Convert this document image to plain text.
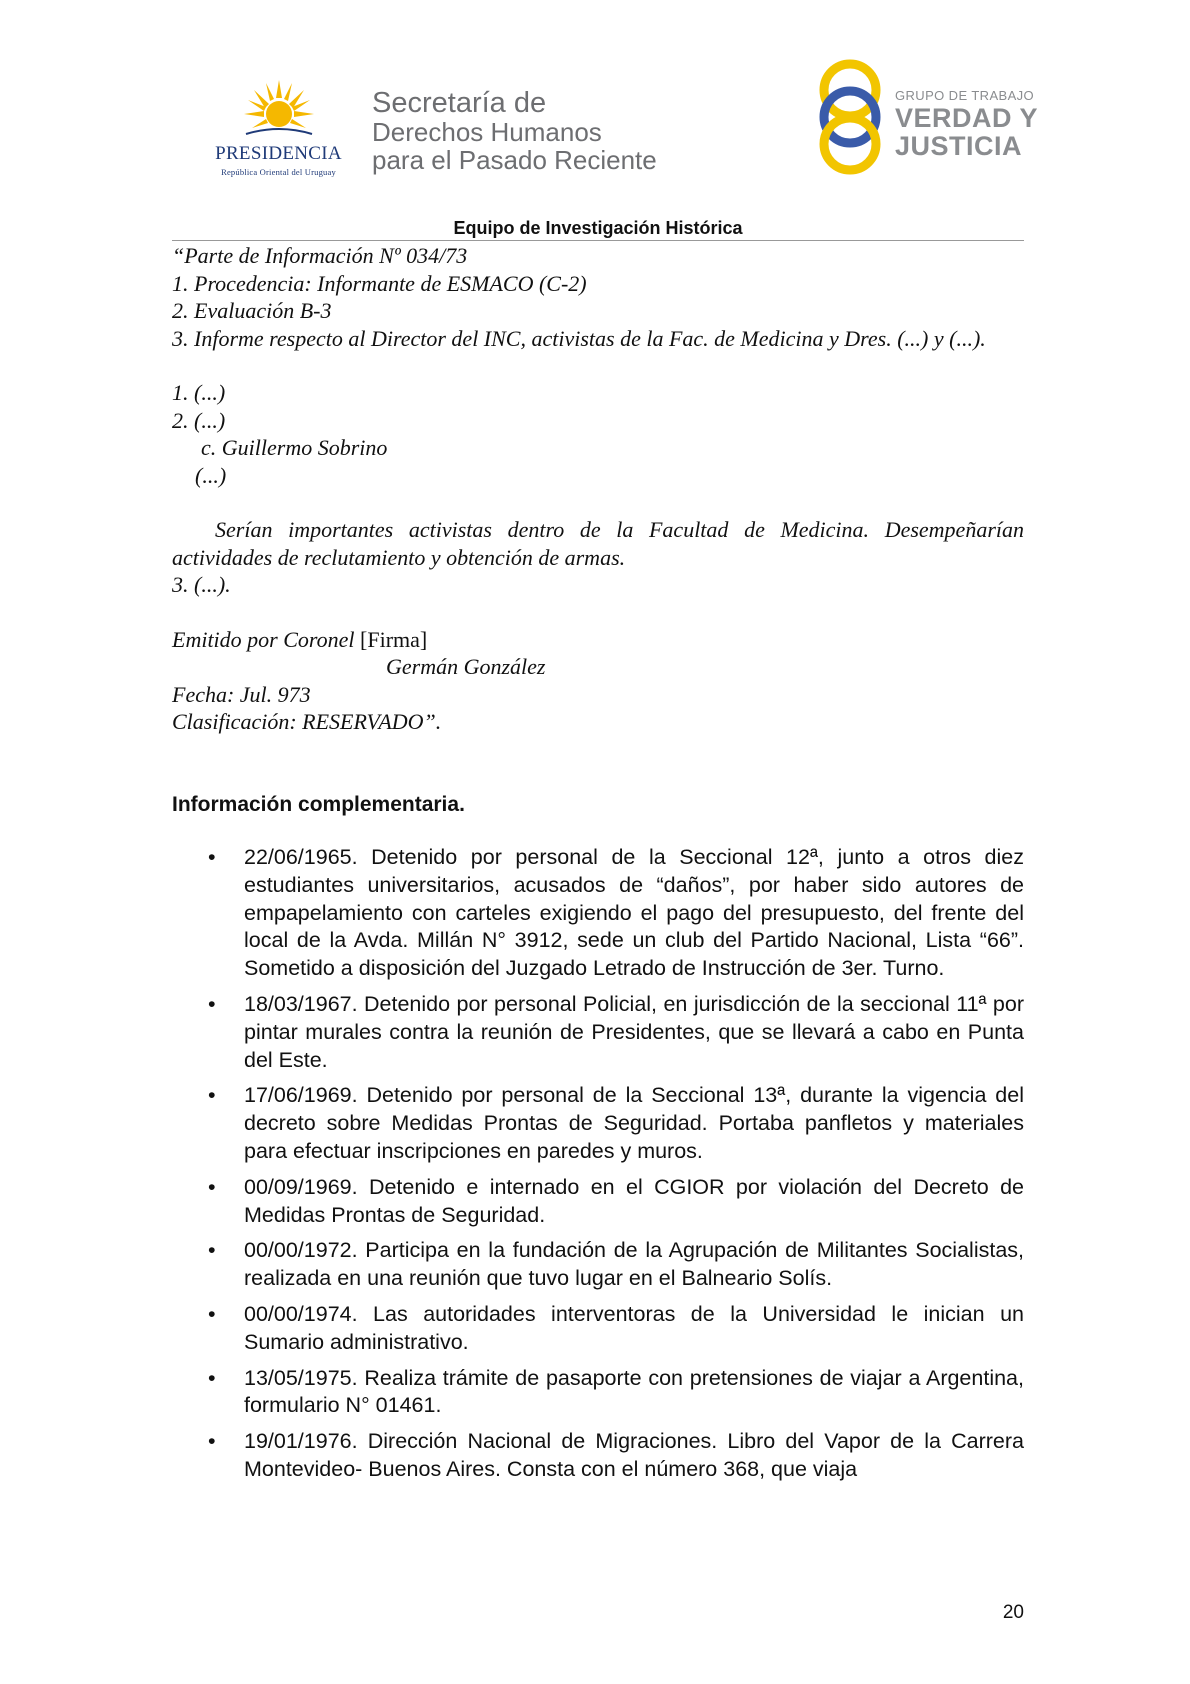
PRESIDENCIA
República Oriental del Uruguay
Secretaría de
Derechos Humanos
para el Pasado Reciente
GRUPO DE TRABAJO
VERDAD Y
JUSTICIA
Equipo de Investigación Histórica

“Parte de Información Nº 034/73

1. Procedencia: Informante de ESMACO (C-2)

2. Evaluación B-3

3. Informe respecto al Director del INC, activistas de la Fac. de Medicina y Dres. (...) y (...).

1. (...)

2. (...)

c. Guillermo Sobrino

(...)

Serían importantes activistas dentro de la Facultad de Medicina. Desempeñarían actividades de reclutamiento y obtención de armas.

3. (...).

Emitido por Coronel [Firma]

Germán González

Fecha: Jul. 973

Clasificación: RESERVADO”.

Información complementaria.
• 22/06/1965. Detenido por personal de la Seccional 12ª, junto a otros diez estudiantes universitarios, acusados de “daños”, por haber sido autores de empapelamiento con carteles exigiendo el pago del presupuesto, del frente del local de la Avda. Millán N° 3912, sede un club del Partido Nacional, Lista “66”. Sometido a disposición del Juzgado Letrado de Instrucción de 3er. Turno.
• 18/03/1967. Detenido por personal Policial, en jurisdicción de la seccional 11ª por pintar murales contra la reunión de Presidentes, que se llevará a cabo en Punta del Este.
• 17/06/1969. Detenido por personal de la Seccional 13ª, durante la vigencia del decreto sobre Medidas Prontas de Seguridad. Portaba panfletos y materiales para efectuar inscripciones en paredes y muros.
• 00/09/1969. Detenido e internado en el CGIOR por violación del Decreto de Medidas Prontas de Seguridad.
• 00/00/1972. Participa en la fundación de la Agrupación de Militantes Socialistas, realizada en una reunión que tuvo lugar en el Balneario Solís.
• 00/00/1974. Las autoridades interventoras de la Universidad le inician un Sumario administrativo.
• 13/05/1975. Realiza trámite de pasaporte con pretensiones de viajar a Argentina, formulario N° 01461.
• 19/01/1976. Dirección Nacional de Migraciones. Libro del Vapor de la Carrera Montevideo- Buenos Aires. Consta con el número 368, que viaja
20
